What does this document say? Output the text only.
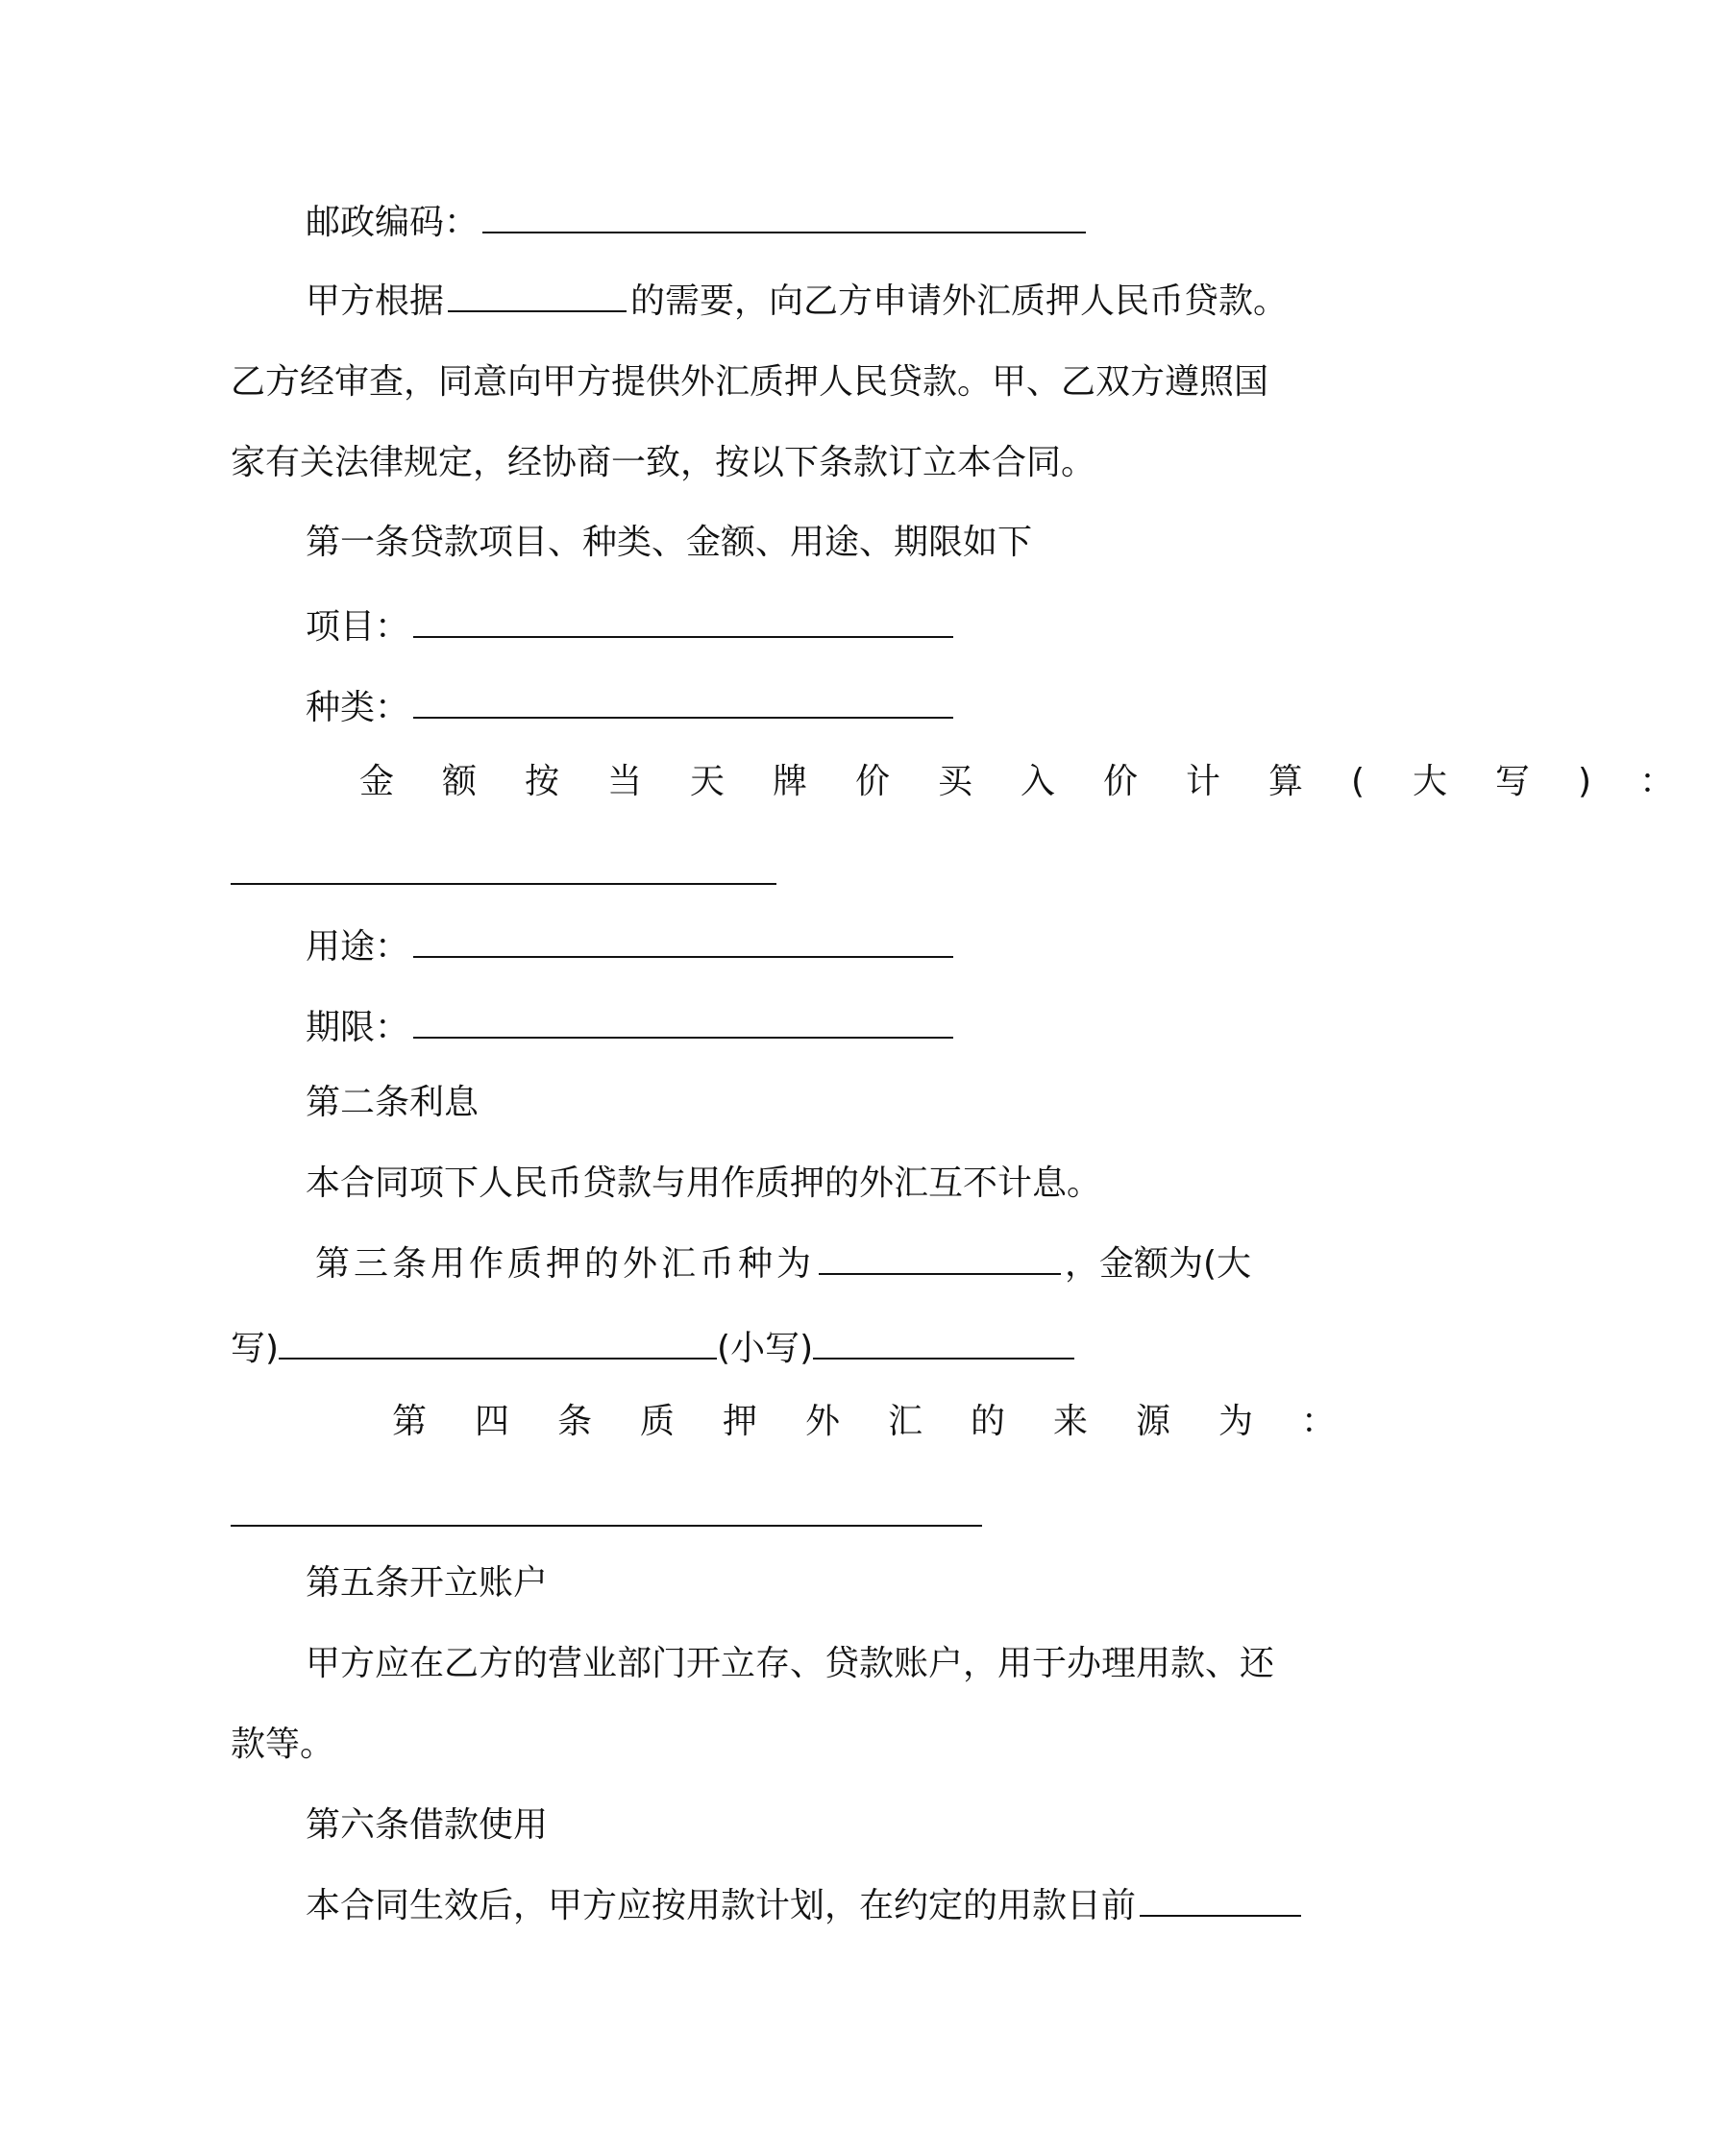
邮政编码：
甲方根据	的需要，向乙方申请外汇质押人民币贷款。
乙方经审查，同意向甲方提供外汇质押人民贷款。甲、乙双方遵照国
家有关法律规定，经协商一致，按以下条款订立本合同。
第一条贷款项目、种类、金额、用途、期限如下
项目：
种类：
金额按当天牌价买入价计算(大写)：
用途：
期限：
第二条利息
本合同项下人民币贷款与用作质押的外汇互不计息。
第三条用作质押的外汇币种为	，金额为(大
写)	(小写)
第四条质押外汇的来源为：
第五条开立账户
甲方应在乙方的营业部门开立存、贷款账户，用于办理用款、还
款等。
第六条借款使用
本合同生效后，甲方应按用款计划，在约定的用款日前
